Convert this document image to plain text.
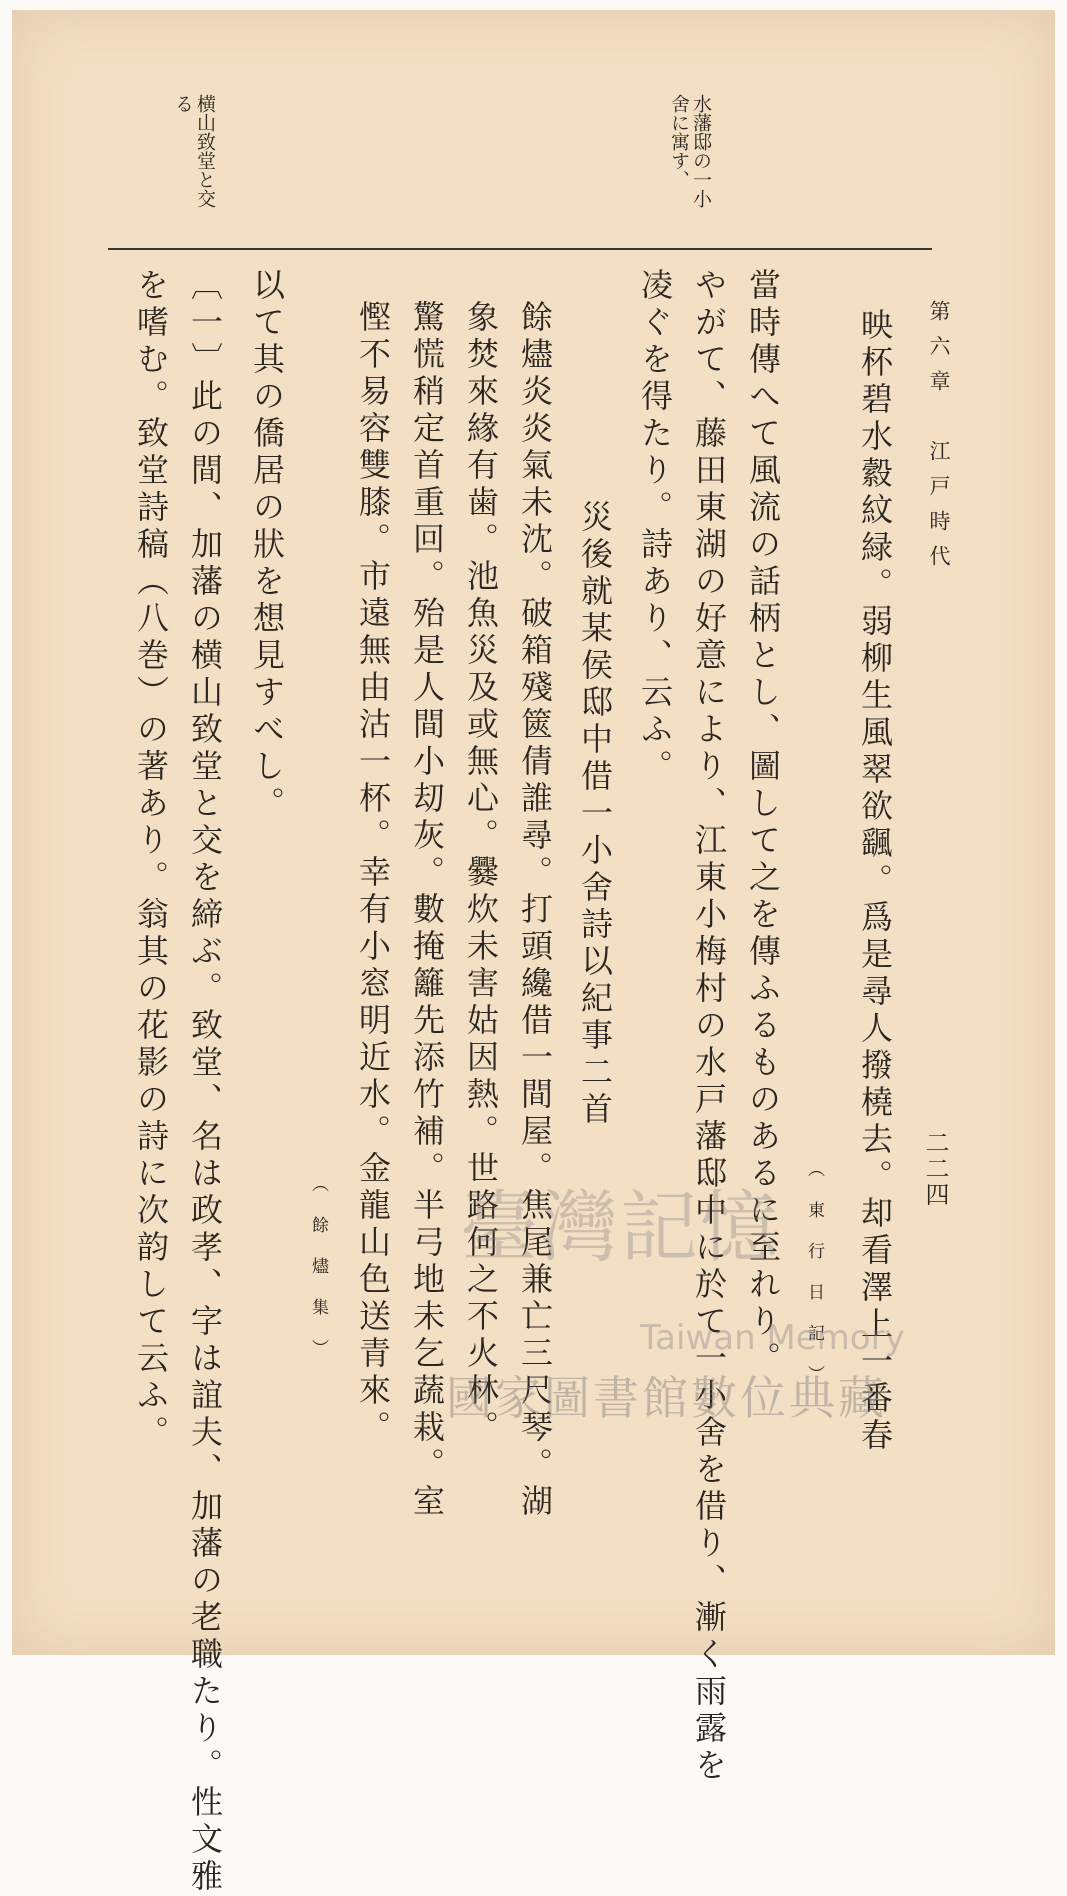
第六章　江戸時代
二二四
水藩邸の一小舍に寓す、
横山致堂と交る
映杯碧水縠紋緑。弱柳生風翠欲颻。爲是尋人撥橈去。却看澤上一番春
（東行日記）
當時傳へて風流の話柄とし、圖して之を傳ふるものあるに至れり。
やがて、藤田東湖の好意により、江東小梅村の水戸藩邸中に於て一小舍を借り、漸く雨露を
凌ぐを得たり。詩あり、云ふ。
災後就某侯邸中借一小舍詩以紀事二首
餘燼炎炎氣未沈。破箱殘篋倩誰尋。打頭纔借一間屋。焦尾兼亡三尺琴。湖
象焚來緣有歯。池魚災及或無心。爨炊未害姑因熱。世路何之不火林。
驚慌稍定首重回。殆是人間小刧灰。數掩籬先添竹補。半弓地未乞蔬栽。室
慳不易容雙膝。市遠無由沽一杯。幸有小窓明近水。金龍山色送青來。
（餘燼集）
以て其の僑居の狀を想見すべし。
〔一〕此の間、加藩の横山致堂と交を締ぶ。致堂、名は政孝、字は誼夫、加藩の老職たり。性文雅
を嗜む。致堂詩稿（八巻）の著あり。翁其の花影の詩に次韵して云ふ。	臺灣記憶
Taiwan Memory
國家圖書館數位典藏
